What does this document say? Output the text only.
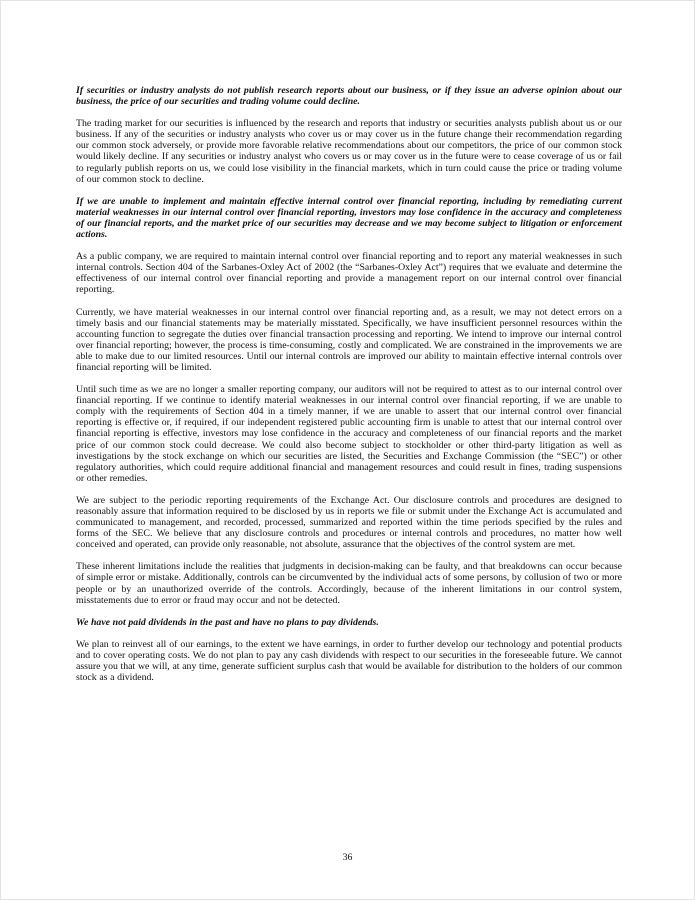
If securities or industry analysts do not publish research reports about our business, or if they issue an adverse opinion about our business, the price of our securities and trading volume could decline.
The trading market for our securities is influenced by the research and reports that industry or securities analysts publish about us or our business. If any of the securities or industry analysts who cover us or may cover us in the future change their recommendation regarding our common stock adversely, or provide more favorable relative recommendations about our competitors, the price of our common stock would likely decline. If any securities or industry analyst who covers us or may cover us in the future were to cease coverage of us or fail to regularly publish reports on us, we could lose visibility in the financial markets, which in turn could cause the price or trading volume of our common stock to decline.
If we are unable to implement and maintain effective internal control over financial reporting, including by remediating current material weaknesses in our internal control over financial reporting, investors may lose confidence in the accuracy and completeness of our financial reports, and the market price of our securities may decrease and we may become subject to litigation or enforcement actions.
As a public company, we are required to maintain internal control over financial reporting and to report any material weaknesses in such internal controls. Section 404 of the Sarbanes-Oxley Act of 2002 (the “Sarbanes-Oxley Act”) requires that we evaluate and determine the effectiveness of our internal control over financial reporting and provide a management report on our internal control over financial reporting.
Currently, we have material weaknesses in our internal control over financial reporting and, as a result, we may not detect errors on a timely basis and our financial statements may be materially misstated. Specifically, we have insufficient personnel resources within the accounting function to segregate the duties over financial transaction processing and reporting. We intend to improve our internal control over financial reporting; however, the process is time-consuming, costly and complicated. We are constrained in the improvements we are able to make due to our limited resources. Until our internal controls are improved our ability to maintain effective internal controls over financial reporting will be limited.
Until such time as we are no longer a smaller reporting company, our auditors will not be required to attest as to our internal control over financial reporting. If we continue to identify material weaknesses in our internal control over financial reporting, if we are unable to comply with the requirements of Section 404 in a timely manner, if we are unable to assert that our internal control over financial reporting is effective or, if required, if our independent registered public accounting firm is unable to attest that our internal control over financial reporting is effective, investors may lose confidence in the accuracy and completeness of our financial reports and the market price of our common stock could decrease. We could also become subject to stockholder or other third-party litigation as well as investigations by the stock exchange on which our securities are listed, the Securities and Exchange Commission (the “SEC”) or other regulatory authorities, which could require additional financial and management resources and could result in fines, trading suspensions or other remedies.
We are subject to the periodic reporting requirements of the Exchange Act. Our disclosure controls and procedures are designed to reasonably assure that information required to be disclosed by us in reports we file or submit under the Exchange Act is accumulated and communicated to management, and recorded, processed, summarized and reported within the time periods specified by the rules and forms of the SEC. We believe that any disclosure controls and procedures or internal controls and procedures, no matter how well conceived and operated, can provide only reasonable, not absolute, assurance that the objectives of the control system are met.
These inherent limitations include the realities that judgments in decision-making can be faulty, and that breakdowns can occur because of simple error or mistake. Additionally, controls can be circumvented by the individual acts of some persons, by collusion of two or more people or by an unauthorized override of the controls. Accordingly, because of the inherent limitations in our control system, misstatements due to error or fraud may occur and not be detected.
We have not paid dividends in the past and have no plans to pay dividends.
We plan to reinvest all of our earnings, to the extent we have earnings, in order to further develop our technology and potential products and to cover operating costs. We do not plan to pay any cash dividends with respect to our securities in the foreseeable future. We cannot assure you that we will, at any time, generate sufficient surplus cash that would be available for distribution to the holders of our common stock as a dividend.
36
